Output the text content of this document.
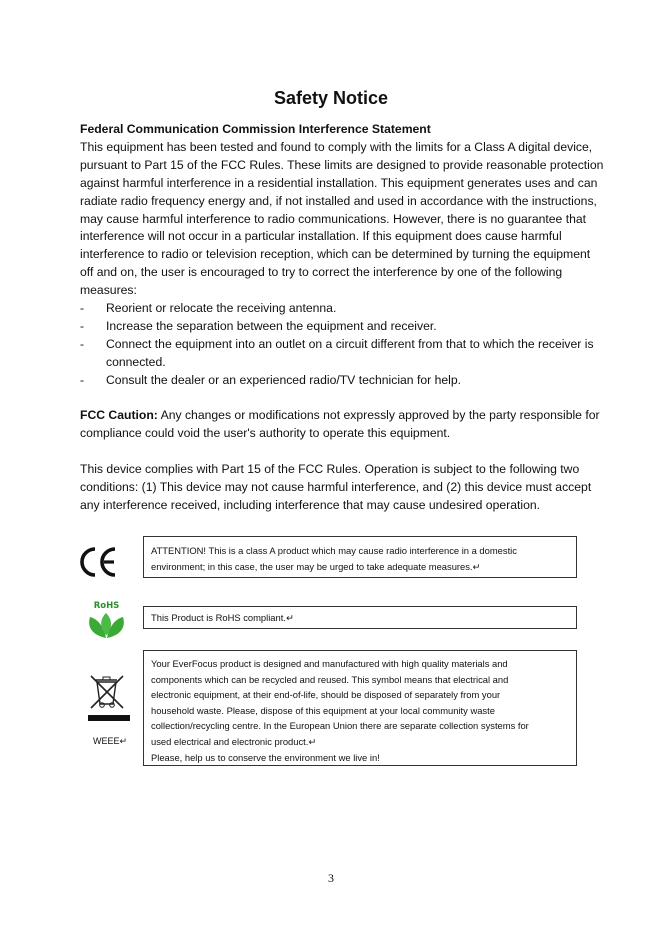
Safety Notice

Federal Communication Commission Interference Statement

This equipment has been tested and found to comply with the limits for a Class A digital device, pursuant to Part 15 of the FCC Rules. These limits are designed to provide reasonable protection against harmful interference in a residential installation. This equipment generates uses and can radiate radio frequency energy and, if not installed and used in accordance with the instructions, may cause harmful interference to radio communications. However, there is no guarantee that interference will not occur in a particular installation. If this equipment does cause harmful interference to radio or television reception, which can be determined by turning the equipment off and on, the user is encouraged to try to correct the interference by one of the following measures:

- Reorient or relocate the receiving antenna.
- Increase the separation between the equipment and receiver.
- Connect the equipment into an outlet on a circuit different from that to which the receiver is connected.
- Consult the dealer or an experienced radio/TV technician for help.

FCC Caution: Any changes or modifications not expressly approved by the party responsible for compliance could void the user's authority to operate this equipment.

This device complies with Part 15 of the FCC Rules. Operation is subject to the following two conditions: (1) This device may not cause harmful interference, and (2) this device must accept any interference received, including interference that may cause undesired operation.

ATTENTION! This is a class A product which may cause radio interference in a domestic environment; in this case, the user may be urged to take adequate measures.↵
RoHS
This Product is RoHS compliant.↵
WEEE↵
Your EverFocus product is designed and manufactured with high quality materials and
components which can be recycled and reused. This symbol means that electrical and
electronic equipment, at their end-of-life, should be disposed of separately from your
household waste. Please, dispose of this equipment at your local community waste
collection/recycling centre. In the European Union there are separate collection systems for
used electrical and electronic product.↵
Please, help us to conserve the environment we live in!
3
